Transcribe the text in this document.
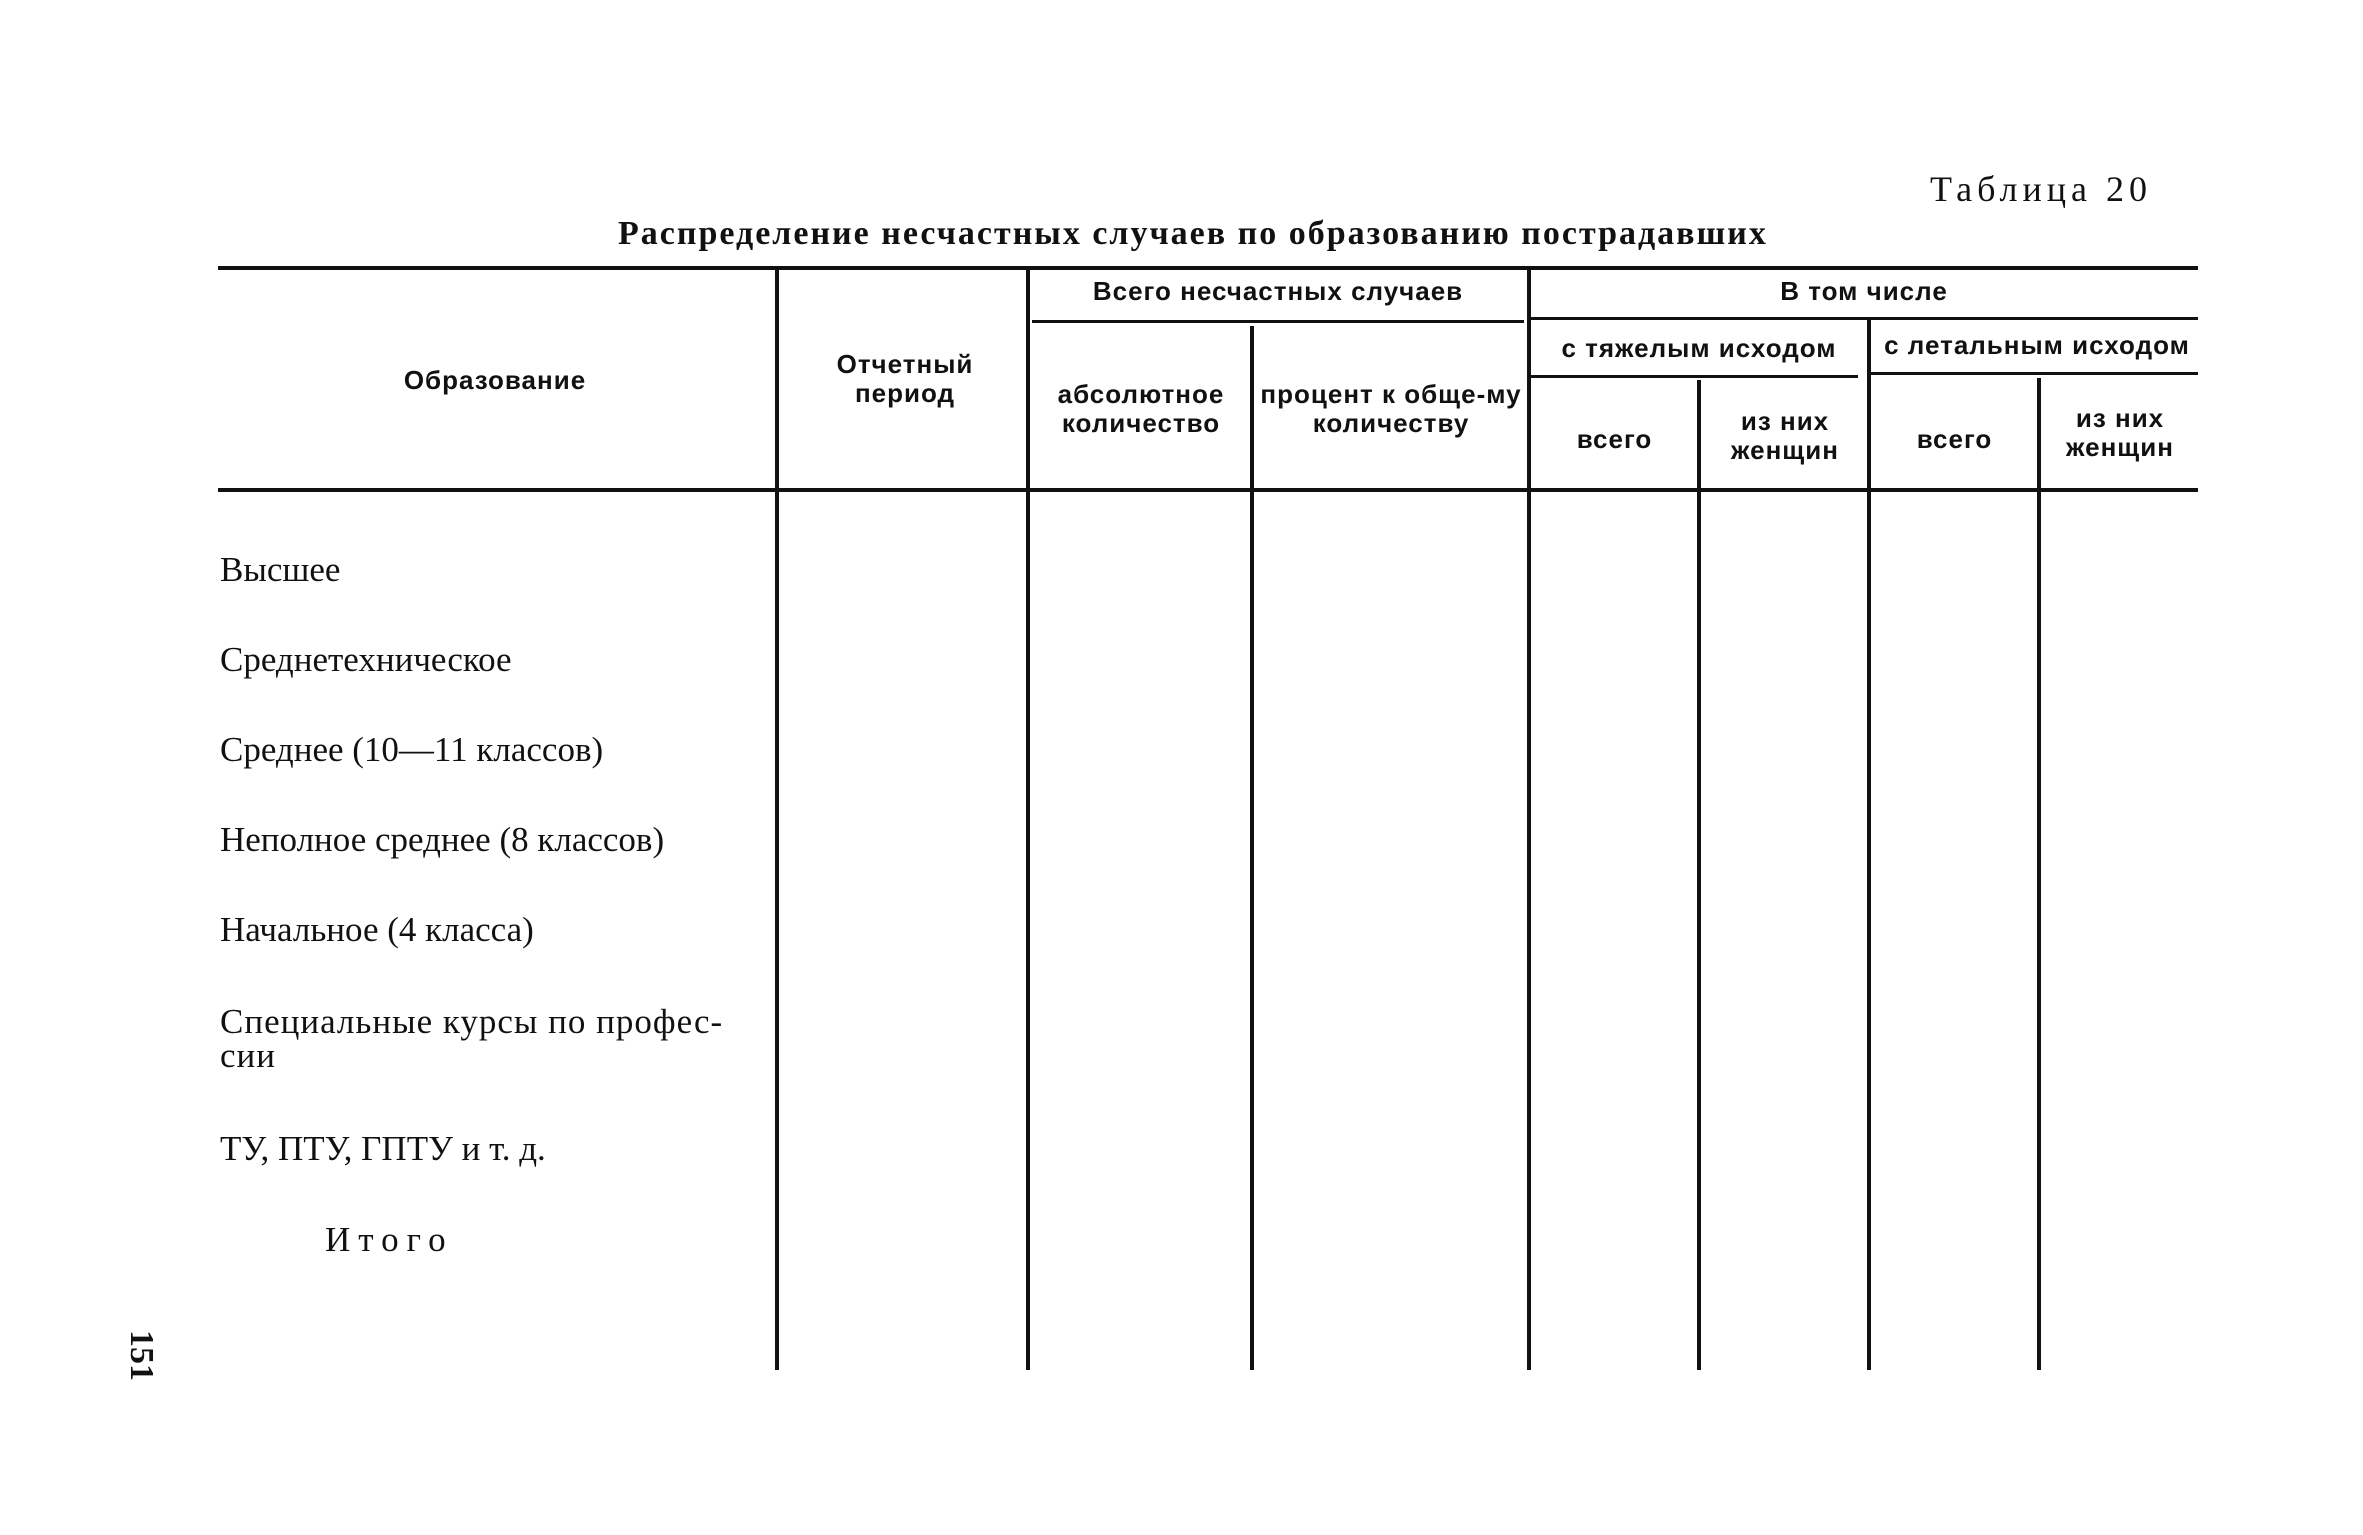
Таблица 20
Распределение несчастных случаев по образованию пострадавших
Образование
Отчетный период
Всего несчастных случаев
абсолютное количество
процент к обще-му количеству
В том числе
с тяжелым исходом	с летальным исходом
всего
из них женщин	всего
из них женщин
Высшее
Среднетехническое
Среднее (10—11 классов)
Неполное среднее (8 классов)
Начальное (4 класса)
Специальные курсы по профес-сии
ТУ, ПТУ, ГПТУ и т. д.
Итого
151
